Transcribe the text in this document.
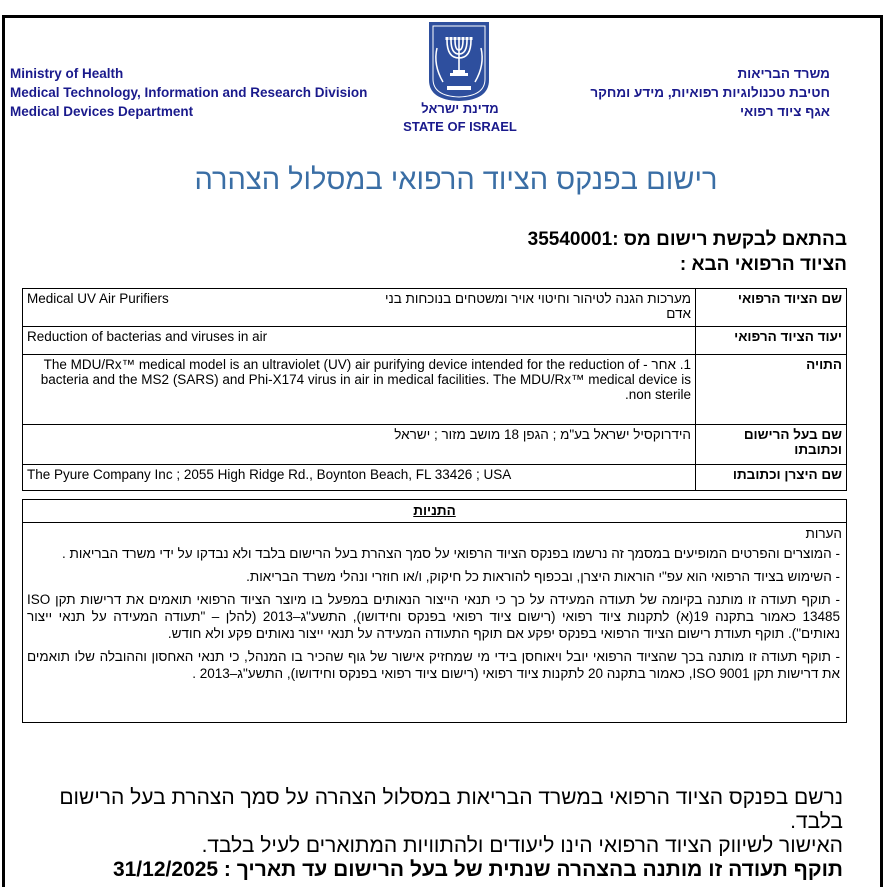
Ministry of Health
Medical Technology, Information and Research Division
Medical Devices Department
משרד הבריאות
חטיבת טכנולוגיות רפואיות, מידע ומחקר
אגף ציוד רפואי
מדינת ישראל
STATE OF ISRAEL
רישום בפנקס הציוד הרפואי במסלול הצהרה
בהתאם לבקשת רישום מס :35540001
הציוד הרפואי הבא :
שם הציוד הרפואי	מערכות הגנה לטיהור וחיטוי אויר ומשטחים בנוכחות בני אדם
Medical UV Air Purifiers

יעוד הציוד הרפואי	Reduction of bacterias and viruses in air

התויה	1. אחר - The MDU/Rx™ medical model is an ultraviolet (UV) air purifying device intended for the reduction of bacteria and the MS2 (SARS) and Phi-X174 virus in air in medical facilities. The MDU/Rx™ medical device is non sterile.

שם בעל הרישום וכתובתו	הידרוקסיל ישראל בע"מ ; הגפן 18 מושב מזור ; ישראל

שם היצרן וכתובתו	The Pyure Company Inc ; 2055 High Ridge Rd., Boynton Beach, FL 33426 ; USA
התניות
הערות
- המוצרים והפרטים המופיעים במסמך זה נרשמו בפנקס הציוד הרפואי על סמך הצהרת בעל הרישום בלבד ולא נבדקו על ידי משרד הבריאות .
- השימוש בציוד הרפואי הוא עפ"י הוראות היצרן, ובכפוף להוראות כל חיקוק, ו/או חוזרי ונהלי משרד הבריאות.
- תוקף תעודה זו מותנה בקיומה של תעודה המעידה על כך כי תנאי הייצור הנאותים במפעל בו מיוצר הציוד הרפואי תואמים את דרישות תקן ISO 13485 כאמור בתקנה 19(א) לתקנות ציוד רפואי (רישום ציוד רפואי בפנקס וחידושו), התשע"ג–2013 (להלן – "תעודה המעידה על תנאי ייצור נאותים"). תוקף תעודת רישום הציוד הרפואי בפנקס יפקע אם תוקף התעודה המעידה על תנאי ייצור נאותים פקע ולא חודש.
- תוקף תעודה זו מותנה בכך שהציוד הרפואי יובל ויאוחסן בידי מי שמחזיק אישור של גוף שהכיר בו המנהל, כי תנאי האחסון וההובלה שלו תואמים את דרישות תקן ISO 9001, כאמור בתקנה 20 לתקנות ציוד רפואי (רישום ציוד רפואי בפנקס וחידושו), התשע"ג–2013 .
נרשם בפנקס הציוד הרפואי במשרד הבריאות במסלול הצהרה על סמך הצהרת בעל הרישום בלבד.
האישור לשיווק הציוד הרפואי הינו ליעודים ולהתוויות המתוארים לעיל בלבד.
תוקף תעודה זו מותנה בהצהרה שנתית של בעל הרישום עד תאריך : 31/12/2025
